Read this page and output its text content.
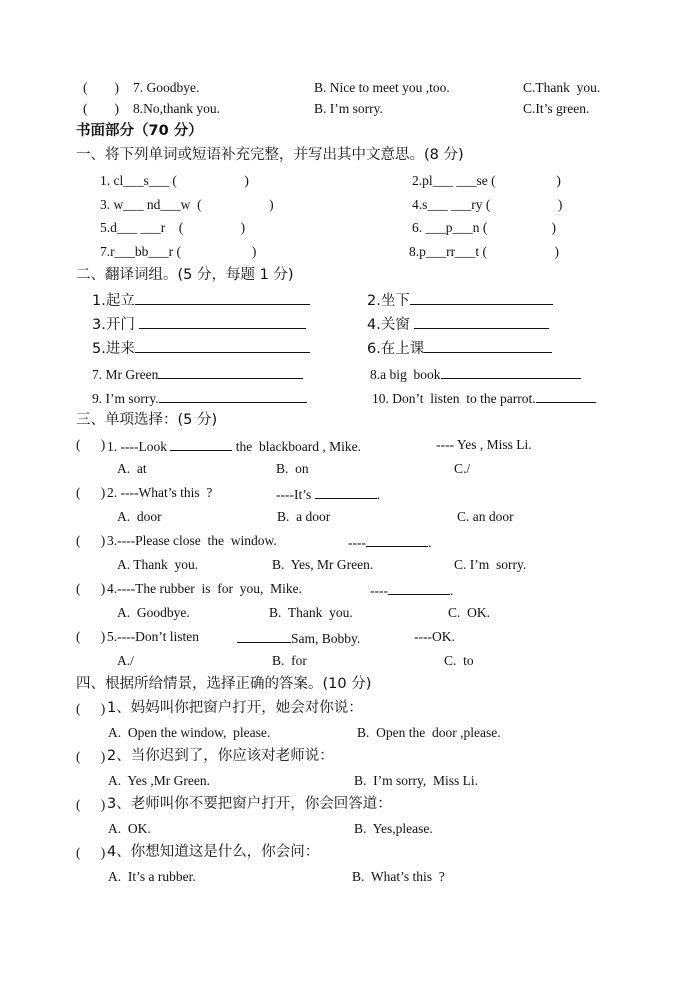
(        ) 7. Goodbye.	B. Nice to meet you ,too.	C.Thank  you.
(        ) 8.No,thank you.	B. I’m sorry.	C.It’s green.
书面部分（70 分）
一、将下列单词或短语补充完整，并写出其中文意思。(8 分)
1. cl___s___ (                    )	2.pl___ ___se (                  )
3. w___ nd___w  (                    )	4.s___ ___ry (                    )
5.d___ ___r    (                 )	6. ___p___n (                   )
7.r___bb___r (                     )	8.p___rr___t (                    )
二、翻译词组。(5 分，每题 1 分)
1.起立	2.坐下
3.开门	4.关窗
5.进来	6.在上课
7. Mr Green	8.a big  book
9. I’m sorry.	10. Don’t  listen  to the parrot.
三、单项选择：(5 分)
(      ) 1. ----Look	the  blackboard , Mike.	---- Yes , Miss Li.
A.  at	B.  on	C./
(      ) 2. ----What’s this  ?	----It’s	.
A.  door	B.  a door	C. an door
(      ) 3.----Please close  the  window.	----	.
A. Thank  you.	B.  Yes, Mr Green.	C. I’m  sorry.
(      ) 4.----The rubber  is  for  you,  Mike.	----	.
A.  Goodbye.	B.  Thank  you.	C.  OK.
(      ) 5.----Don’t listen	Sam, Bobby.	----OK.
A./	B.  for	C.  to
四、根据所给情景，选择正确的答案。(10 分)
(      ) 1、妈妈叫你把窗户打开，她会对你说：
A.  Open the window,  please.	B.  Open the  door ,please.
(      ) 2、当你迟到了，你应该对老师说：
A.  Yes ,Mr Green.	B.  I’m sorry,  Miss Li.
(      ) 3、老师叫你不要把窗户打开，你会回答道：
A.  OK.	B.  Yes,please.
(      ) 4、你想知道这是什么，你会问：
A.  It’s a rubber.	B.  What’s this  ?
